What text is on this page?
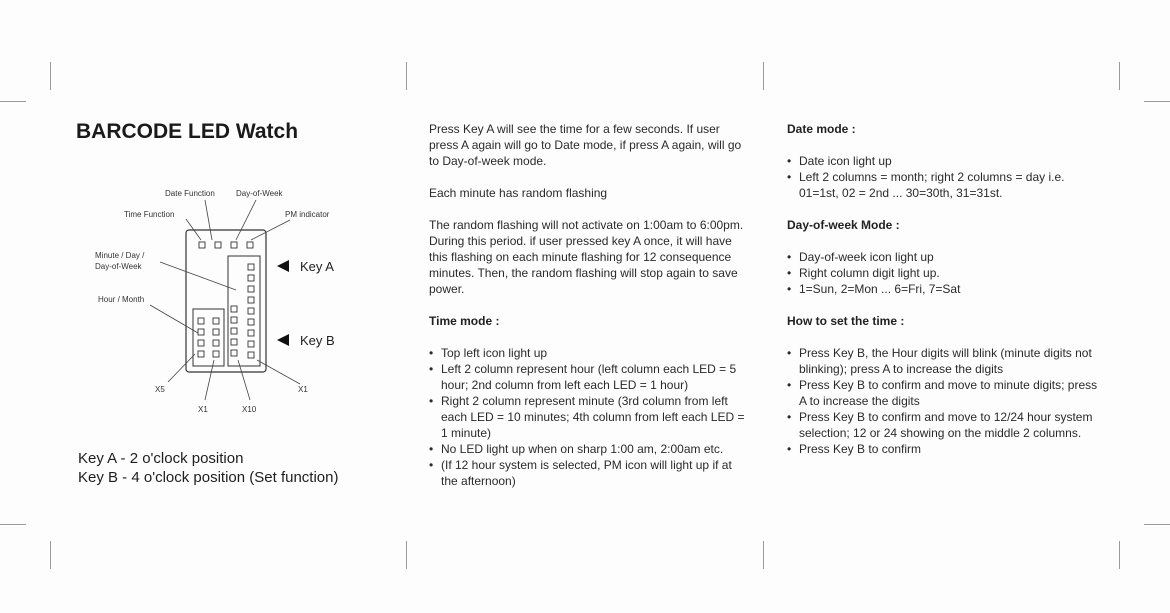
BARCODE LED Watch
Date Function	Day-of-Week
Time Function	PM indicator
Minute / Day /
Day-of-Week
Hour / Month
X5
X1	X10
X1
Key A
Key B
Key A - 2 o'clock position
Key B - 4 o'clock position (Set function)

Press Key A will see the time for a few seconds. If user press A again will go to Date mode, if press A again, will go to Day-of-week mode.

Each minute has random flashing

The random flashing will not activate on 1:00am to 6:00pm. During this period. if user pressed key A once, it will have this flashing on each minute flashing for 12 consequence minutes. Then, the random flashing will stop again to save power.

Time mode :

• Top left icon light up
• Left 2 column represent hour (left column each LED = 5 hour; 2nd column from left each LED = 1 hour)
• Right 2 column represent minute (3rd column from left each LED = 10 minutes; 4th column from left each LED = 1 minute)
• No LED light up when on sharp 1:00 am, 2:00am etc.
• (If 12 hour system is selected, PM icon will light up if at the afternoon)

Date mode :

• Date icon light up
• Left 2 columns = month; right 2 columns = day i.e. 01=1st, 02 = 2nd ... 30=30th, 31=31st.

Day-of-week Mode :

• Day-of-week icon light up
• Right column digit light up.
• 1=Sun, 2=Mon ... 6=Fri, 7=Sat

How to set the time :

• Press Key B, the Hour digits will blink (minute digits not blinking); press A to increase the digits
• Press Key B to confirm and move to minute digits; press A to increase the digits
• Press Key B to confirm and move to 12/24 hour system selection; 12 or 24 showing on the middle 2 columns.
• Press Key B to confirm
